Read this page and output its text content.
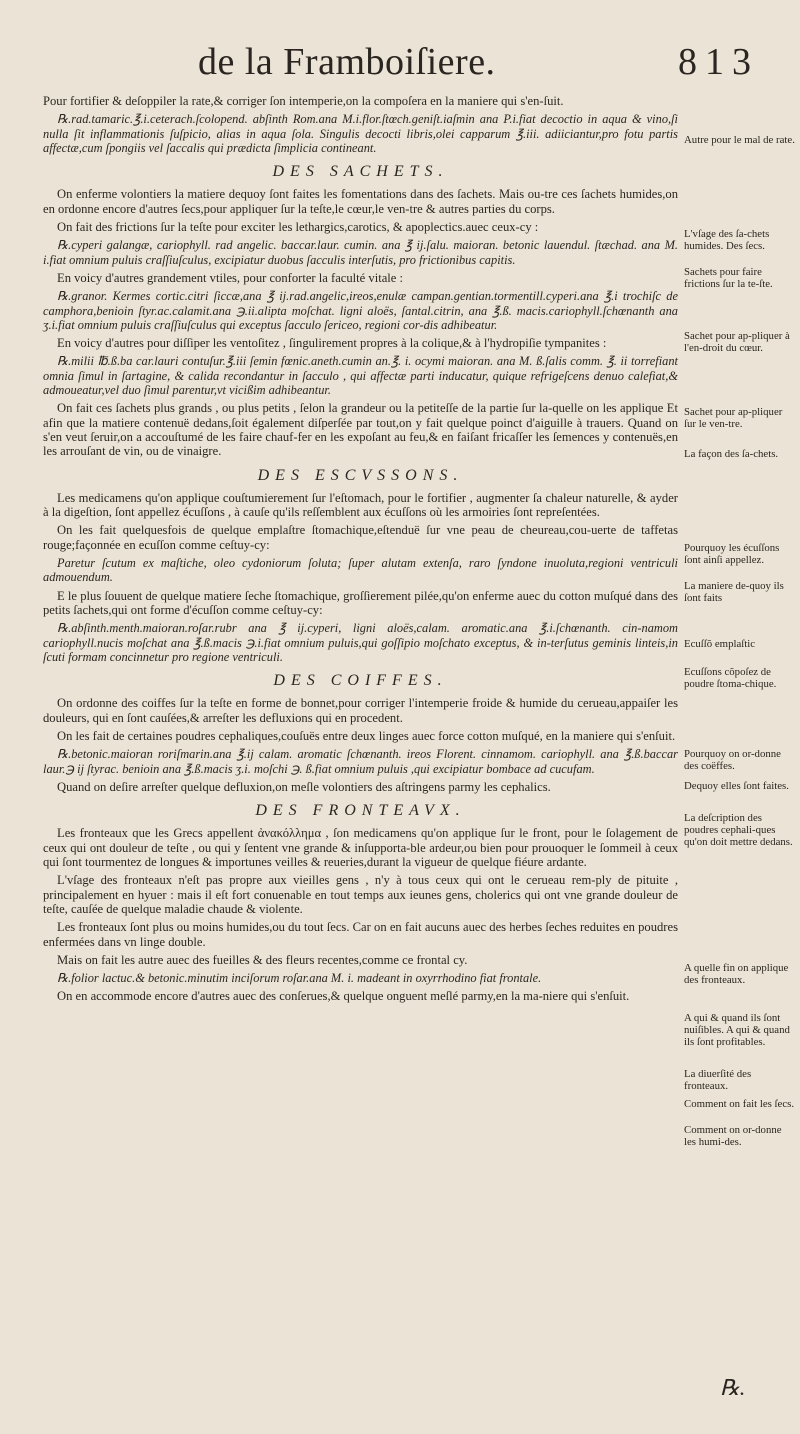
de la Framboiſiere.	813

Pour fortifier & deſoppiler la rate,& corriger ſon intemperie,on la compoſera en la maniere qui s'en-ſuit.

℞.rad.tamaric.℥.i.ceterach.ſcolopend. abſinth Rom.ana M.i.flor.ſtœch.geniſt.iaſmin ana P.i.fiat decoctio in aqua & vino,ſi nulla ſit inflammationis ſuſpicio, alias in aqua ſola. Singulis decocti libris,olei capparum ℥.iii. adiiciantur,pro fotu partis affectæ,cum ſpongiis vel ſaccalis qui prædicta ſimplicia contineant.

DES SACHETS.

On enferme volontiers la matiere dequoy ſont faites les fomentations dans des ſachets. Mais ou-tre ces ſachets humides,on en ordonne encore d'autres ſecs,pour appliquer ſur la teſte,le cœur,le ven-tre & autres parties du corps.

On fait des frictions ſur la teſte pour exciter les lethargics,carotics, & apoplectics.auec ceux-cy :

℞.cyperi galangæ, cariophyll. rad angelic. baccar.laur. cumin. ana ℥ ij.ſalu. maioran. betonic lauendul. ſtæchad. ana M. i.fiat omnium puluis craſſiuſculus, excipiatur duobus ſacculis interſutis, pro frictionibus capitis.

En voicy d'autres grandement vtiles, pour conforter la faculté vitale :

℞.granor. Kermes cortic.citri ſiccæ,ana ℥ ij.rad.angelic,ireos,enulæ campan.gentian.tormentill.cyperi.ana ℥.i trochiſc de camphora,benioin ſtyr.ac.calamit.ana ℈.ii.alipta moſchat. ligni aloës, ſantal.citrin, ana ℥.ß. macis.cariophyll.ſchœnanth ana ʒ.i.fiat omnium puluis craſſiuſculus qui exceptus ſacculo ſericeo, regioni cor-dis adhibeatur.

En voicy d'autres pour diſſiper les ventoſitez , ſingulirement propres à la colique,& à l'hydropiſie tympanites :

℞.milii ℔.ß.ba car.lauri contuſur.℥.iii ſemin fœnic.aneth.cumin an.℥. i. ocymi maioran. ana M. ß.ſalis comm. ℥. ii torrefiant omnia ſimul in ſartagine, & calida recondantur in ſacculo , qui affectæ parti inducatur, quique refrigeſcens denuo calefiat,& admoueatur,vel duo ſimul parentur,vt vicißim adhibeantur.

On fait ces ſachets plus grands , ou plus petits , ſelon la grandeur ou la petiteſſe de la partie ſur la-quelle on les applique Et afin que la matiere contenuë dedans,ſoit également diſperſée par tout,on y fait quelque poinct d'aiguille à trauers. Quand on s'en veut ſeruir,on a accouſtumé de les faire chauf-fer en les expoſant au feu,& en faiſant fricaſſer les ſemences y contenuës,en les arrouſant de vin, ou de vinaigre.

DES ESCVSSONS.

Les medicamens qu'on applique couſtumierement ſur l'eſtomach, pour le fortifier , augmenter ſa chaleur naturelle, & ayder à la digeſtion, ſont appellez écuſſons , à cauſe qu'ils reſſemblent aux écuſſons où les armoiries ſont repreſentées.

On les fait quelquesfois de quelque emplaſtre ſtomachique,eſtenduë ſur vne peau de cheureau,cou-uerte de taffetas rouge;façonnée en ecuſſon comme ceſtuy-cy:

Paretur ſcutum ex maſtiche, oleo cydoniorum ſoluta; ſuper alutam extenſa, raro ſyndone inuoluta,regioni ventriculi admouendum.

E le plus ſouuent de quelque matiere ſeche ſtomachique, groſſierement pilée,qu'on enferme auec du cotton muſqué dans des petits ſachets,qui ont forme d'écuſſon comme ceſtuy-cy:

℞.abſinth.menth.maioran.roſar.rubr ana ℥ ij.cyperi, ligni aloës,calam. aromatic.ana ℥.i.ſchœnanth. cin-namom cariophyll.nucis moſchat ana ℥.ß.macis ℈.i.fiat omnium puluis,qui goſſipio moſchato exceptus, & in-terſutus geminis linteis,in ſcuti formam concinnetur pro regione ventriculi.

DES COIFFES.

On ordonne des coiffes ſur la teſte en forme de bonnet,pour corriger l'intemperie froide & humide du cerueau,appaiſer les douleurs, qui en ſont cauſées,& arreſter les defluxions qui en procedent.

On les fait de certaines poudres cephaliques,couſuës entre deux linges auec force cotton muſqué, en la maniere qui s'enſuit.

℞.betonic.maioran roriſmarin.ana ℥.ij calam. aromatic ſchœnanth. ireos Florent. cinnamom. cariophyll. ana ℥.ß.baccar laur.℈ ij ſtyrac. benioin ana ℥.ß.macis ʒ.i. moſchi ℈. ß.fiat omnium puluis ,qui excipiatur bombace ad cucufam.

Quand on deſire arreſter quelque defluxion,on meſle volontiers des aſtringens parmy les cephalics.

DES FRONTEAVX.

Les fronteaux que les Grecs appellent ἀνακόλλημα , ſon medicamens qu'on applique ſur le front, pour le ſolagement de ceux qui ont douleur de teſte , ou qui y ſentent vne grande & inſupporta-ble ardeur,ou bien pour prouoquer le ſommeil à ceux qui ſont tourmentez de longues & importunes veilles & reueries,durant la vigueur de quelque fiéure ardante.

L'vſage des fronteaux n'eſt pas propre aux vieilles gens , n'y à tous ceux qui ont le cerueau rem-ply de pituite , principalement en hyuer : mais il eſt fort conuenable en tout temps aux ieunes gens, cholerics qui ont vne grande douleur de teſte, cauſée de quelque maladie chaude & violente.

Les fronteaux ſont plus ou moins humides,ou du tout ſecs. Car on en fait aucuns auec des herbes ſeches reduites en poudres enfermées dans vn linge double.

Mais on fait les autre auec des fueilles & des fleurs recentes,comme ce frontal cy.

℞.folior lactuc.& betonic.minutim inciſorum roſar.ana M. i. madeant in oxyrrhodino fiat frontale.

On en accommode encore d'autres auec des conſerues,& quelque onguent meſlé parmy,en la ma-niere qui s'enſuit.

Autre pour le mal de rate.
L'vſage des ſa-chets humides. Des ſecs.
Sachets pour faire frictions ſur la te-ſte.
Sachet pour ap-pliquer à l'en-droit du cœur.
Sachet pour ap-pliquer ſur le ven-tre.
La façon des ſa-chets.
Pourquoy les écuſſons ſont ainſi appellez.
La maniere de-quoy ils ſont faits
Ecuſſõ emplaſtic
Ecuſſons cõpoſez de poudre ſtoma-chique.
Pourquoy on or-donne des coëffes.
Dequoy elles ſont faites.
La deſcription des poudres cephali-ques qu'on doit mettre dedans.
A quelle fin on applique des fronteaux.
A qui & quand ils ſont nuiſibles. A qui & quand ils ſont profitables.
La diuerſité des fronteaux.
Comment on fait les ſecs.
Comment on or-donne les humi-des.
℞.
